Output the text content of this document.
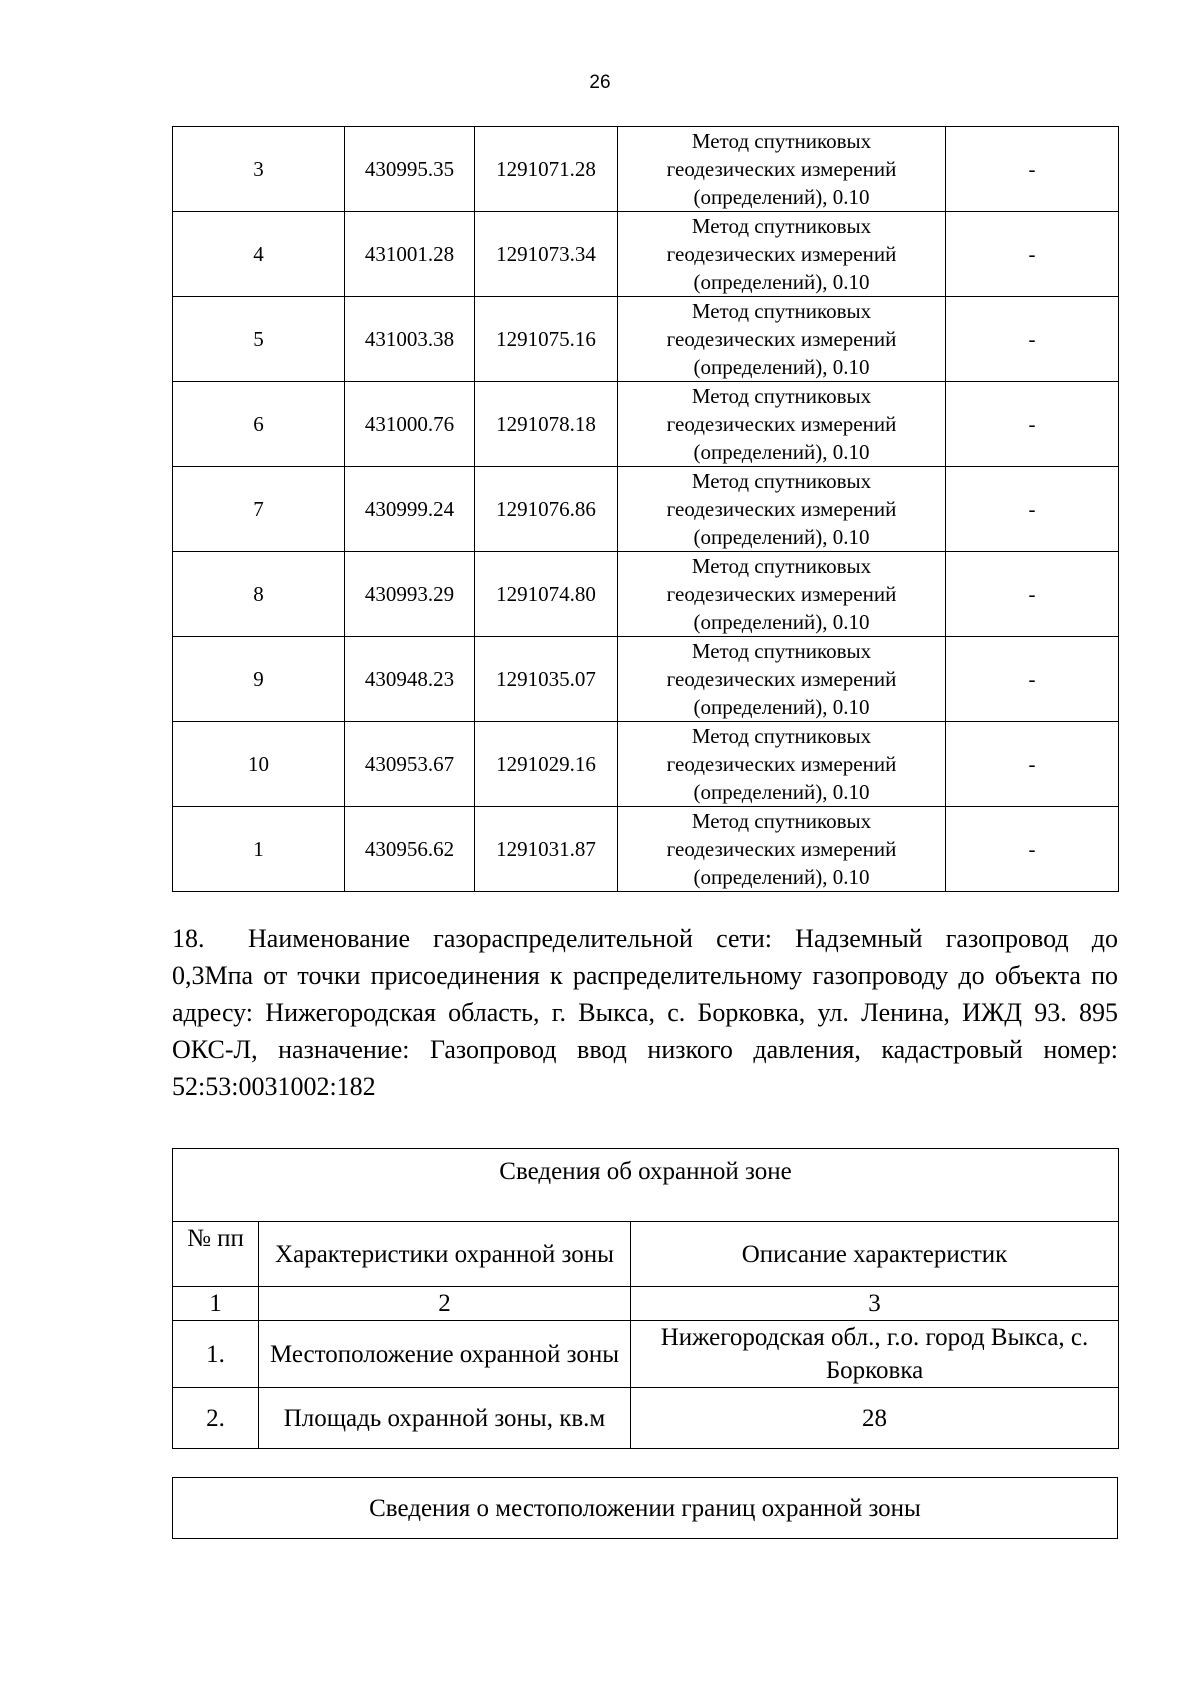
26
3	430995.35	1291071.28	Метод спутниковых
геодезических измерений
(определений), 0.10	-
4	431001.28	1291073.34	Метод спутниковых
геодезических измерений
(определений), 0.10	-
5	431003.38	1291075.16	Метод спутниковых
геодезических измерений
(определений), 0.10	-
6	431000.76	1291078.18	Метод спутниковых
геодезических измерений
(определений), 0.10	-
7	430999.24	1291076.86	Метод спутниковых
геодезических измерений
(определений), 0.10	-
8	430993.29	1291074.80	Метод спутниковых
геодезических измерений
(определений), 0.10	-
9	430948.23	1291035.07	Метод спутниковых
геодезических измерений
(определений), 0.10	-
10	430953.67	1291029.16	Метод спутниковых
геодезических измерений
(определений), 0.10	-
1	430956.62	1291031.87	Метод спутниковых
геодезических измерений
(определений), 0.10	-
18. Наименование газораспределительной сети: Надземный газопровод до 0,3Мпа от точки присоединения к распределительному газопроводу до объекта по адресу: Нижегородская область, г. Выкса, с. Борковка, ул. Ленина, ИЖД 93. 895 ОКС-Л, назначение: Газопровод ввод низкого давления, кадастровый номер: 52:53:0031002:182
Сведения об охранной зоне		
№ пп	Характеристики охранной зоны	Описание характеристик
1	2	3
1.	Местоположение охранной зоны	Нижегородская обл., г.о. город Выкса, с. Борковка
2.	Площадь охранной зоны, кв.м	28
Сведения о местоположении границ охранной зоны
